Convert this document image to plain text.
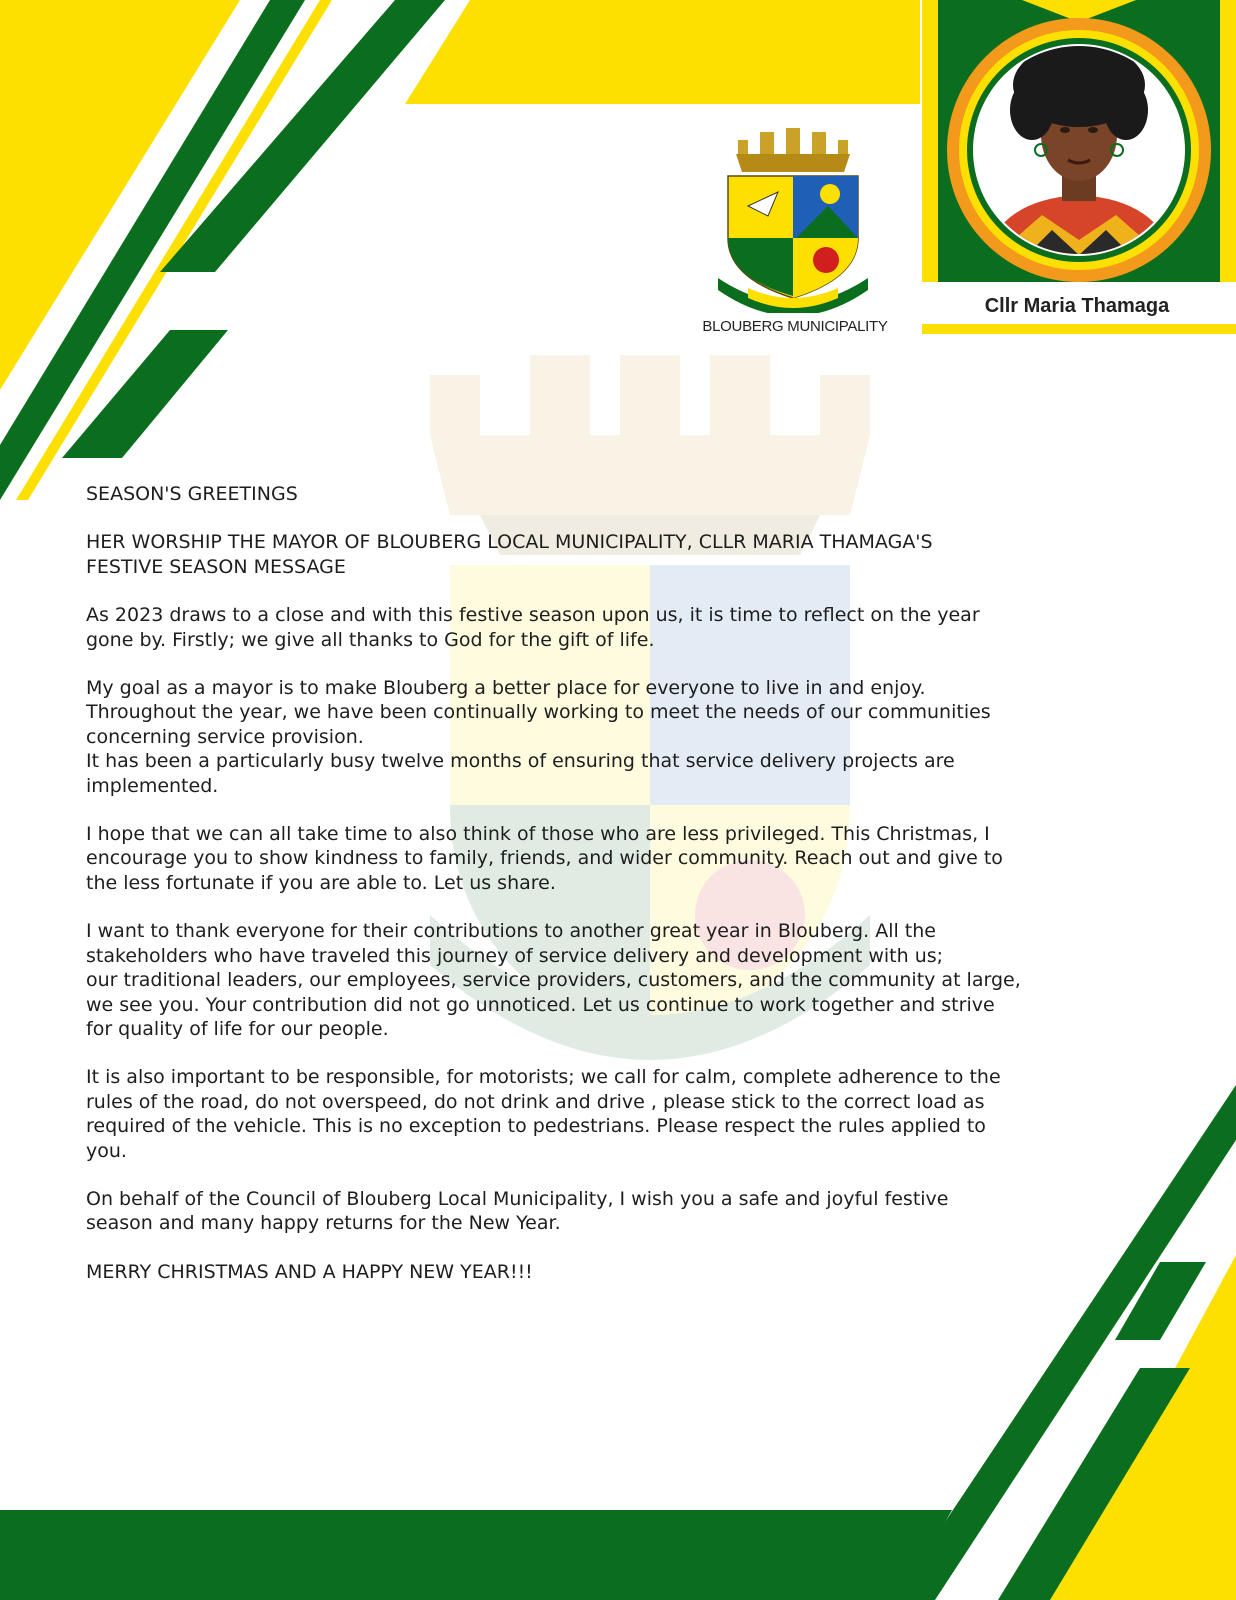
BLOUBERG MUNICIPALITY
Cllr Maria Thamaga

SEASON'S GREETINGS

HER WORSHIP THE MAYOR OF BLOUBERG LOCAL MUNICIPALITY, CLLR MARIA THAMAGA'S
FESTIVE SEASON MESSAGE

As 2023 draws to a close and with this festive season upon us, it is time to reflect on the year
gone by. Firstly; we give all thanks to God for the gift of life.

My goal as a mayor is to make Blouberg a better place for everyone to live in and enjoy.
Throughout the year, we have been continually working to meet the needs of our communities
concerning service provision.

It has been a particularly busy twelve months of ensuring that service delivery projects are
implemented.

I hope that we can all take time to also think of those who are less privileged. This Christmas, I
encourage you to show kindness to family, friends, and wider community. Reach out and give to
the less fortunate if you are able to. Let us share.

I want to thank everyone for their contributions to another great year in Blouberg. All the
stakeholders who have traveled this journey of service delivery and development with us;
our traditional leaders, our employees, service providers, customers, and the community at large,
we see you. Your contribution did not go unnoticed. Let us continue to work together and strive
for quality of life for our people.

It is also important to be responsible, for motorists; we call for calm, complete adherence to the
rules of the road, do not overspeed, do not drink and drive , please stick to the correct load as
required of the vehicle. This is no exception to pedestrians. Please respect the rules applied to
you.

On behalf of the Council of Blouberg Local Municipality, I wish you a safe and joyful festive
season and many happy returns for the New Year.

MERRY CHRISTMAS AND A HAPPY NEW YEAR!!!
